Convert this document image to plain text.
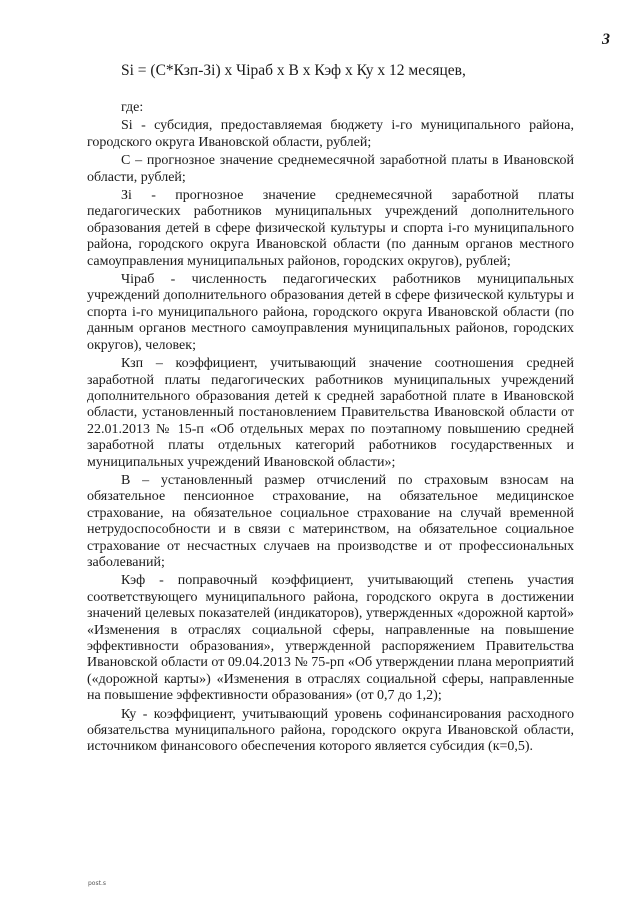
3
Si = (С*Кзп-Зi) х Чiраб х В х Кэф х Ку х 12 месяцев,
где:

Si - субсидия, предоставляемая бюджету i-го муниципального района, городского округа Ивановской области, рублей;

С – прогнозное значение среднемесячной заработной платы в Ивановской области, рублей;

Зi - прогнозное значение среднемесячной заработной платы педагогических работников муниципальных учреждений дополнительного образования детей в сфере физической культуры и спорта i-го муниципального района, городского округа Ивановской области (по данным органов местного самоуправления муниципальных районов, городских округов), рублей;

Чiраб - численность педагогических работников муниципальных учреждений дополнительного образования детей в сфере физической культуры и спорта i-го муниципального района, городского округа Ивановской области (по данным органов местного самоуправления муниципальных районов, городских округов), человек;

Кзп – коэффициент, учитывающий значение соотношения средней заработной платы педагогических работников муниципальных учреждений дополнительного образования детей к средней заработной плате в Ивановской области, установленный постановлением Правительства Ивановской области от 22.01.2013 № 15-п «Об отдельных мерах по поэтапному повышению средней заработной платы отдельных категорий работников государственных и муниципальных учреждений Ивановской области»;

В – установленный размер отчислений по страховым взносам на обязательное пенсионное страхование, на обязательное медицинское страхование, на обязательное социальное страхование на случай временной нетрудоспособности и в связи с материнством, на обязательное социальное страхование от несчастных случаев на производстве и от профессиональных заболеваний;

Кэф - поправочный коэффициент, учитывающий степень участия соответствующего муниципального района, городского округа в достижении значений целевых показателей (индикаторов), утвержденных «дорожной картой» «Изменения в отраслях социальной сферы, направленные на повышение эффективности образования», утвержденной распоряжением Правительства Ивановской области от 09.04.2013 № 75-рп «Об утверждении плана мероприятий («дорожной карты») «Изменения в отраслях социальной сферы, направленные на повышение эффективности образования» (от 0,7 до 1,2);

Ку - коэффициент, учитывающий уровень софинансирования расходного обязательства муниципального района, городского округа Ивановской области, источником финансового обеспечения которого является субсидия (к=0,5).

post.s
